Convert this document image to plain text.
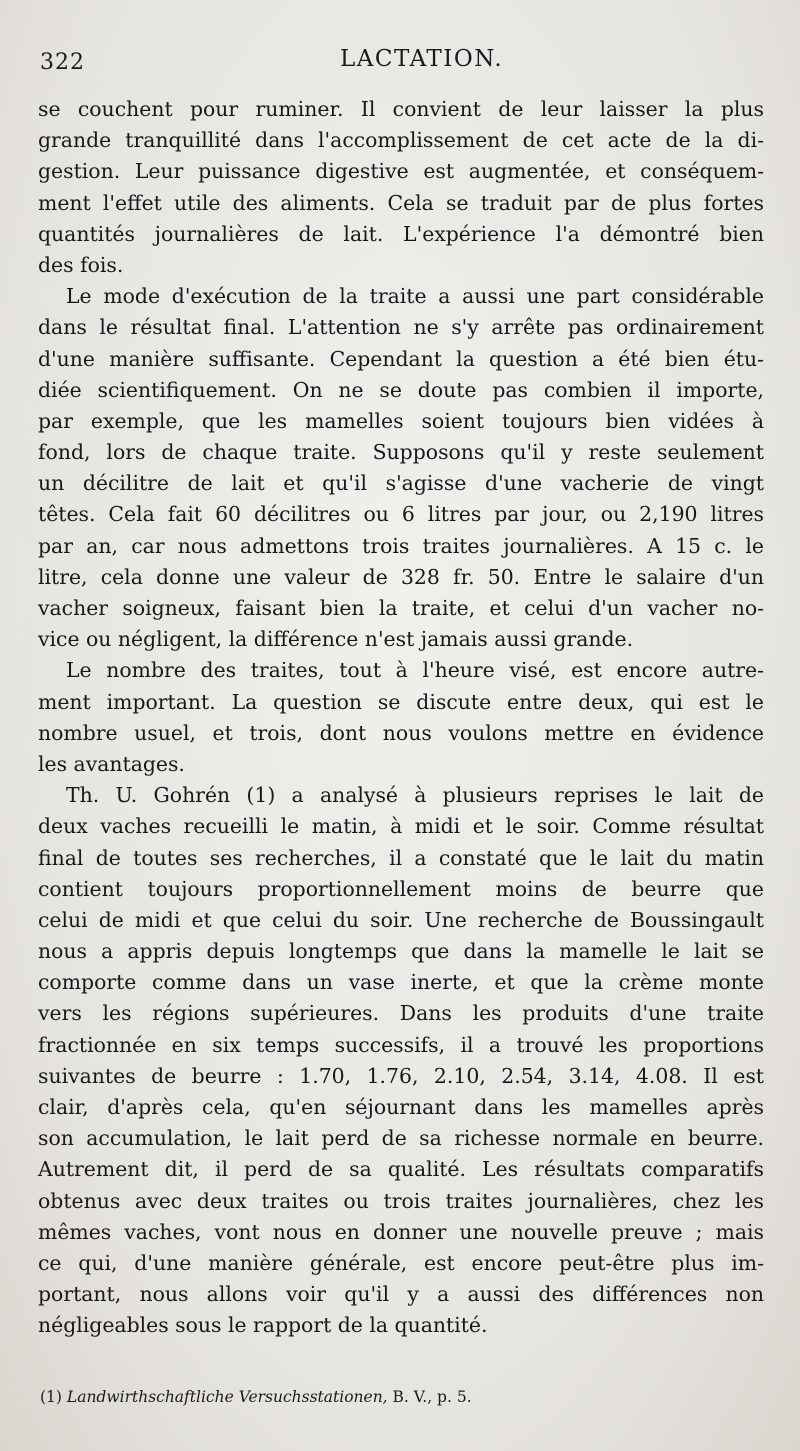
322	LACTATION.
se couchent pour ruminer. Il convient de leur laisser la plus
grande tranquillité dans l'accomplissement de cet acte de la di-
gestion. Leur puissance digestive est augmentée, et conséquem-
ment l'effet utile des aliments. Cela se traduit par de plus fortes
quantités journalières de lait. L'expérience l'a démontré bien
des fois.
Le mode d'exécution de la traite a aussi une part considérable
dans le résultat final. L'attention ne s'y arrête pas ordinairement
d'une manière suffisante. Cependant la question a été bien étu-
diée scientifiquement. On ne se doute pas combien il importe,
par exemple, que les mamelles soient toujours bien vidées à
fond, lors de chaque traite. Supposons qu'il y reste seulement
un décilitre de lait et qu'il s'agisse d'une vacherie de vingt
têtes. Cela fait 60 décilitres ou 6 litres par jour, ou 2,190 litres
par an, car nous admettons trois traites journalières. A 15 c. le
litre, cela donne une valeur de 328 fr. 50. Entre le salaire d'un
vacher soigneux, faisant bien la traite, et celui d'un vacher no-
vice ou négligent, la différence n'est jamais aussi grande.
Le nombre des traites, tout à l'heure visé, est encore autre-
ment important. La question se discute entre deux, qui est le
nombre usuel, et trois, dont nous voulons mettre en évidence
les avantages.
Th. U. Gohrén (1) a analysé à plusieurs reprises le lait de
deux vaches recueilli le matin, à midi et le soir. Comme résultat
final de toutes ses recherches, il a constaté que le lait du matin
contient toujours proportionnellement moins de beurre que
celui de midi et que celui du soir. Une recherche de Boussingault
nous a appris depuis longtemps que dans la mamelle le lait se
comporte comme dans un vase inerte, et que la crème monte
vers les régions supérieures. Dans les produits d'une traite
fractionnée en six temps successifs, il a trouvé les proportions
suivantes de beurre : 1.70, 1.76, 2.10, 2.54, 3.14, 4.08. Il est
clair, d'après cela, qu'en séjournant dans les mamelles après
son accumulation, le lait perd de sa richesse normale en beurre.
Autrement dit, il perd de sa qualité. Les résultats comparatifs
obtenus avec deux traites ou trois traites journalières, chez les
mêmes vaches, vont nous en donner une nouvelle preuve ; mais
ce qui, d'une manière générale, est encore peut-être plus im-
portant, nous allons voir qu'il y a aussi des différences non
négligeables sous le rapport de la quantité.
(1) Landwirthschaftliche Versuchsstationen, B. V., p. 5.
